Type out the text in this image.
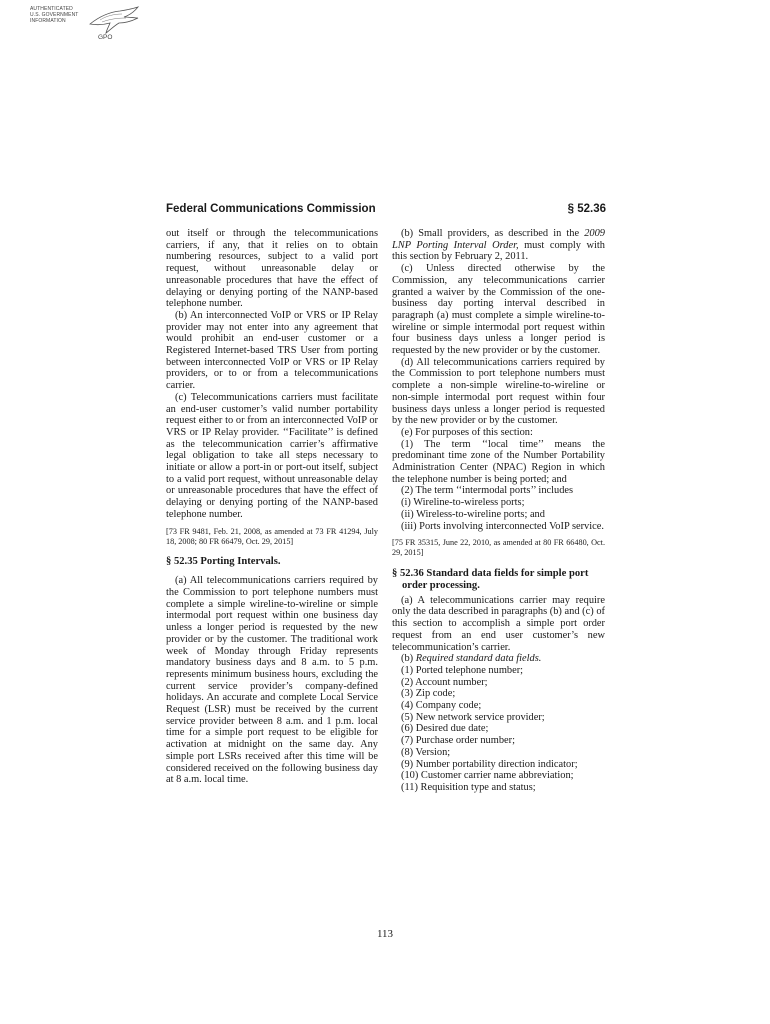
AUTHENTICATED
U.S. GOVERNMENT
INFORMATION
GPO
Federal Communications Commission	§ 52.36

out itself or through the telecommunications carriers, if any, that it relies on to obtain numbering resources, subject to a valid port request, without unreasonable delay or unreasonable procedures that have the effect of delaying or denying porting of the NANP-based telephone number.

(b) An interconnected VoIP or VRS or IP Relay provider may not enter into any agreement that would prohibit an end-user customer or a Registered Internet-based TRS User from porting between interconnected VoIP or VRS or IP Relay providers, or to or from a telecommunications carrier.

(c) Telecommunications carriers must facilitate an end-user customer’s valid number portability request either to or from an interconnected VoIP or VRS or IP Relay provider. ‘‘Facilitate’’ is defined as the telecommunication carrier’s affirmative legal obligation to take all steps necessary to initiate or allow a port-in or port-out itself, subject to a valid port request, without unreasonable delay or unreasonable procedures that have the effect of delaying or denying porting of the NANP-based telephone number.

[73 FR 9481, Feb. 21, 2008, as amended at 73 FR 41294, July 18, 2008; 80 FR 66479, Oct. 29, 2015]

§ 52.35 Porting Intervals.

(a) All telecommunications carriers required by the Commission to port telephone numbers must complete a simple wireline-to-wireline or simple intermodal port request within one business day unless a longer period is requested by the new provider or by the customer. The traditional work week of Monday through Friday represents mandatory business days and 8 a.m. to 5 p.m. represents minimum business hours, excluding the current service provider’s company-defined holidays. An accurate and complete Local Service Request (LSR) must be received by the current service provider between 8 a.m. and 1 p.m. local time for a simple port request to be eligible for activation at midnight on the same day. Any simple port LSRs received after this time will be considered received on the following business day at 8 a.m. local time.

(b) Small providers, as described in the 2009 LNP Porting Interval Order, must comply with this section by February 2, 2011.

(c) Unless directed otherwise by the Commission, any telecommunications carrier granted a waiver by the Commission of the one-business day porting interval described in paragraph (a) must complete a simple wireline-to-wireline or simple intermodal port request within four business days unless a longer period is requested by the new provider or by the customer.

(d) All telecommunications carriers required by the Commission to port telephone numbers must complete a non-simple wireline-to-wireline or non-simple intermodal port request within four business days unless a longer period is requested by the new provider or by the customer.

(e) For purposes of this section:

(1) The term ‘‘local time’’ means the predominant time zone of the Number Portability Administration Center (NPAC) Region in which the telephone number is being ported; and

(2) The term ‘‘intermodal ports’’ includes

(i) Wireline-to-wireless ports;

(ii) Wireless-to-wireline ports; and

(iii) Ports involving interconnected VoIP service.

[75 FR 35315, June 22, 2010, as amended at 80 FR 66480, Oct. 29, 2015]

§ 52.36 Standard data fields for simple port order processing.

(a) A telecommunications carrier may require only the data described in paragraphs (b) and (c) of this section to accomplish a simple port order request from an end user customer’s new telecommunication’s carrier.

(b) Required standard data fields.

(1) Ported telephone number;

(2) Account number;

(3) Zip code;

(4) Company code;

(5) New network service provider;

(6) Desired due date;

(7) Purchase order number;

(8) Version;

(9) Number portability direction indicator;

(10) Customer carrier name abbreviation;

(11) Requisition type and status;

113
